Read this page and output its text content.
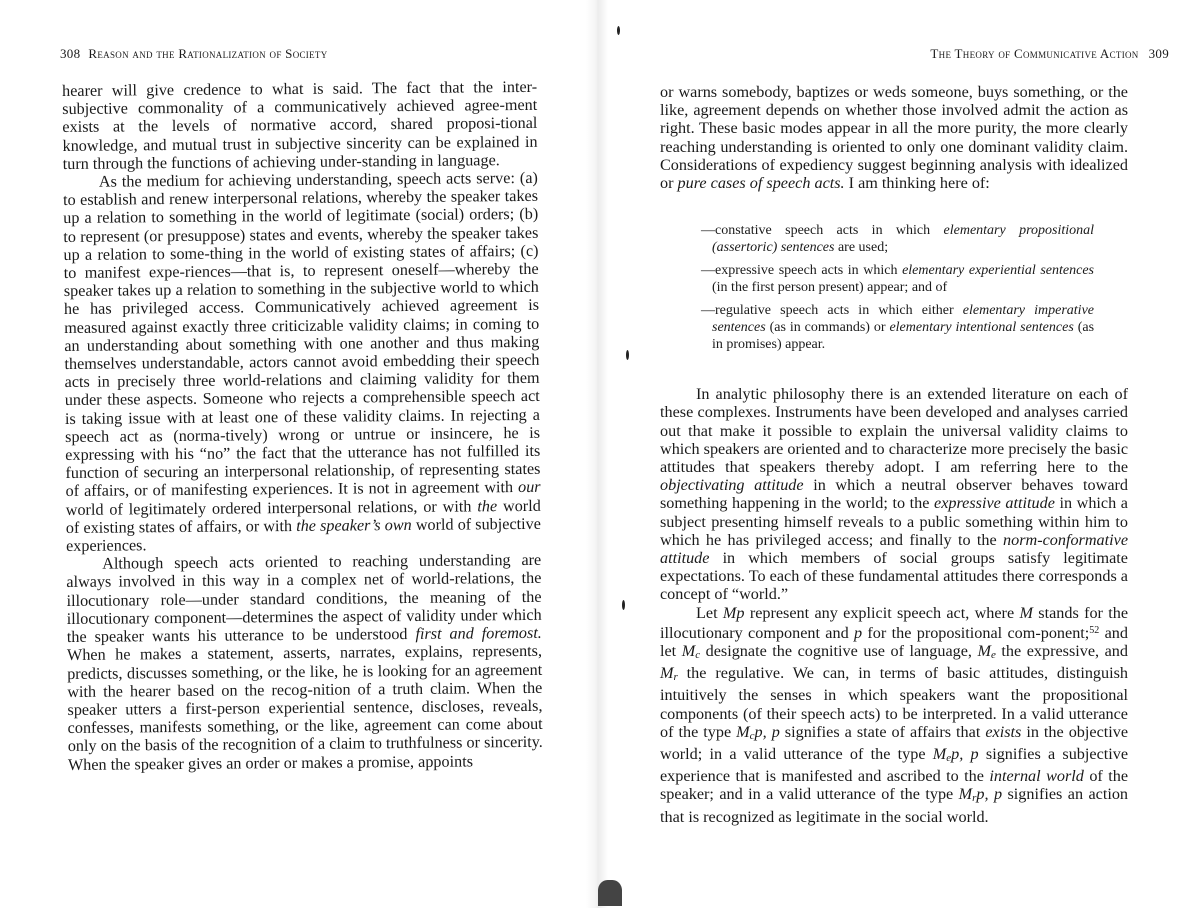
308 Reason and the Rationalization of Society

hearer will give credence to what is said. The fact that the inter-subjective commonality of a communicatively achieved agree-ment exists at the levels of normative accord, shared proposi-tional knowledge, and mutual trust in subjective sincerity can be explained in turn through the functions of achieving under-standing in language.

As the medium for achieving understanding, speech acts serve: (a) to establish and renew interpersonal relations, whereby the speaker takes up a relation to something in the world of legitimate (social) orders; (b) to represent (or presuppose) states and events, whereby the speaker takes up a relation to some-thing in the world of existing states of affairs; (c) to manifest expe-riences—that is, to represent oneself—whereby the speaker takes up a relation to something in the subjective world to which he has privileged access. Communicatively achieved agreement is measured against exactly three criticizable validity claims; in coming to an understanding about something with one another and thus making themselves understandable, actors cannot avoid embedding their speech acts in precisely three world-relations and claiming validity for them under these aspects. Someone who rejects a comprehensible speech act is taking issue with at least one of these validity claims. In rejecting a speech act as (norma-tively) wrong or untrue or insincere, he is expressing with his “no” the fact that the utterance has not fulfilled its function of securing an interpersonal relationship, of representing states of affairs, or of manifesting experiences. It is not in agreement with our world of legitimately ordered interpersonal relations, or with the world of existing states of affairs, or with the speaker’s own world of subjective experiences.

Although speech acts oriented to reaching understanding are always involved in this way in a complex net of world-relations, the illocutionary role—under standard conditions, the meaning of the illocutionary component—determines the aspect of validity under which the speaker wants his utterance to be understood first and foremost. When he makes a statement, asserts, narrates, explains, represents, predicts, discusses something, or the like, he is looking for an agreement with the hearer based on the recog-nition of a truth claim. When the speaker utters a first-person experiential sentence, discloses, reveals, confesses, manifests something, or the like, agreement can come about only on the basis of the recognition of a claim to truthfulness or sincerity. When the speaker gives an order or makes a promise, appoints

The Theory of Communicative Action 309

or warns somebody, baptizes or weds someone, buys something, or the like, agreement depends on whether those involved admit the action as right. These basic modes appear in all the more purity, the more clearly reaching understanding is oriented to only one dominant validity claim. Considerations of expediency suggest beginning analysis with idealized or pure cases of speech acts. I am thinking here of:

—constative speech acts in which elementary propositional (assertoric) sentences are used;
—expressive speech acts in which elementary experiential sentences (in the first person present) appear; and of
—regulative speech acts in which either elementary imperative sentences (as in commands) or elementary intentional sentences (as in promises) appear.

In analytic philosophy there is an extended literature on each of these complexes. Instruments have been developed and analyses carried out that make it possible to explain the universal validity claims to which speakers are oriented and to characterize more precisely the basic attitudes that speakers thereby adopt. I am referring here to the objectivating attitude in which a neutral observer behaves toward something happening in the world; to the expressive attitude in which a subject presenting himself reveals to a public something within him to which he has privileged access; and finally to the norm-conformative attitude in which members of social groups satisfy legitimate expectations. To each of these fundamental attitudes there corresponds a concept of “world.”

Let Mp represent any explicit speech act, where M stands for the illocutionary component and p for the propositional com-ponent;$^{52}$ and let Mc designate the cognitive use of language, Me the expressive, and Mr the regulative. We can, in terms of basic attitudes, distinguish intuitively the senses in which speakers want the propositional components (of their speech acts) to be interpreted. In a valid utterance of the type Mcp, p signifies a state of affairs that exists in the objective world; in a valid utterance of the type Mep, p signifies a subjective experience that is manifested and ascribed to the internal world of the speaker; and in a valid utterance of the type Mrp, p signifies an action that is recognized as legitimate in the social world.
